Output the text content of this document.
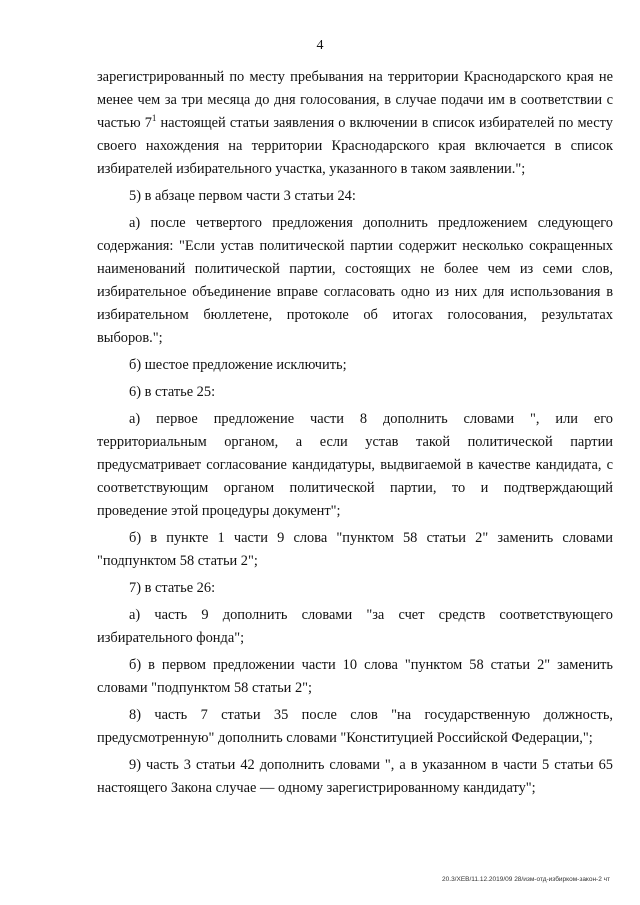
4

зарегистрированный по месту пребывания на территории Краснодарского края не менее чем за три месяца до дня голосования, в случае подачи им в соответствии с частью $7^1$ настоящей статьи заявления о включении в список избирателей по месту своего нахождения на территории Краснодарского края включается в список избирателей избирательного участка, указанного в таком заявлении.";

5) в абзаце первом части 3 статьи 24:

а) после четвертого предложения дополнить предложением следующего содержания: "Если устав политической партии содержит несколько сокращенных наименований политической партии, состоящих не более чем из семи слов, избирательное объединение вправе согласовать одно из них для использования в избирательном бюллетене, протоколе об итогах голосования, результатах выборов.";

б) шестое предложение исключить;

6) в статье 25:

а) первое предложение части 8 дополнить словами ", или его территориальным органом, а если устав такой политической партии предусматривает согласование кандидатуры, выдвигаемой в качестве кандидата, с соответствующим органом политической партии, то и подтверждающий проведение этой процедуры документ";

б) в пункте 1 части 9 слова "пунктом 58 статьи 2" заменить словами "подпунктом 58 статьи 2";

7) в статье 26:

а) часть 9 дополнить словами "за счет средств соответствующего избирательного фонда";

б) в первом предложении части 10 слова "пунктом 58 статьи 2" заменить словами "подпунктом 58 статьи 2";

8) часть 7 статьи 35 после слов "на государственную должность, предусмотренную" дополнить словами "Конституцией Российской Федерации,";

9) часть 3 статьи 42 дополнить словами ", а в указанном в части 5 статьи 65 настоящего Закона случае — одному зарегистрированному кандидату";

20.3/ХЕВ/11.12.2019/09 28/изм-отд-избирком-закон-2 чт
